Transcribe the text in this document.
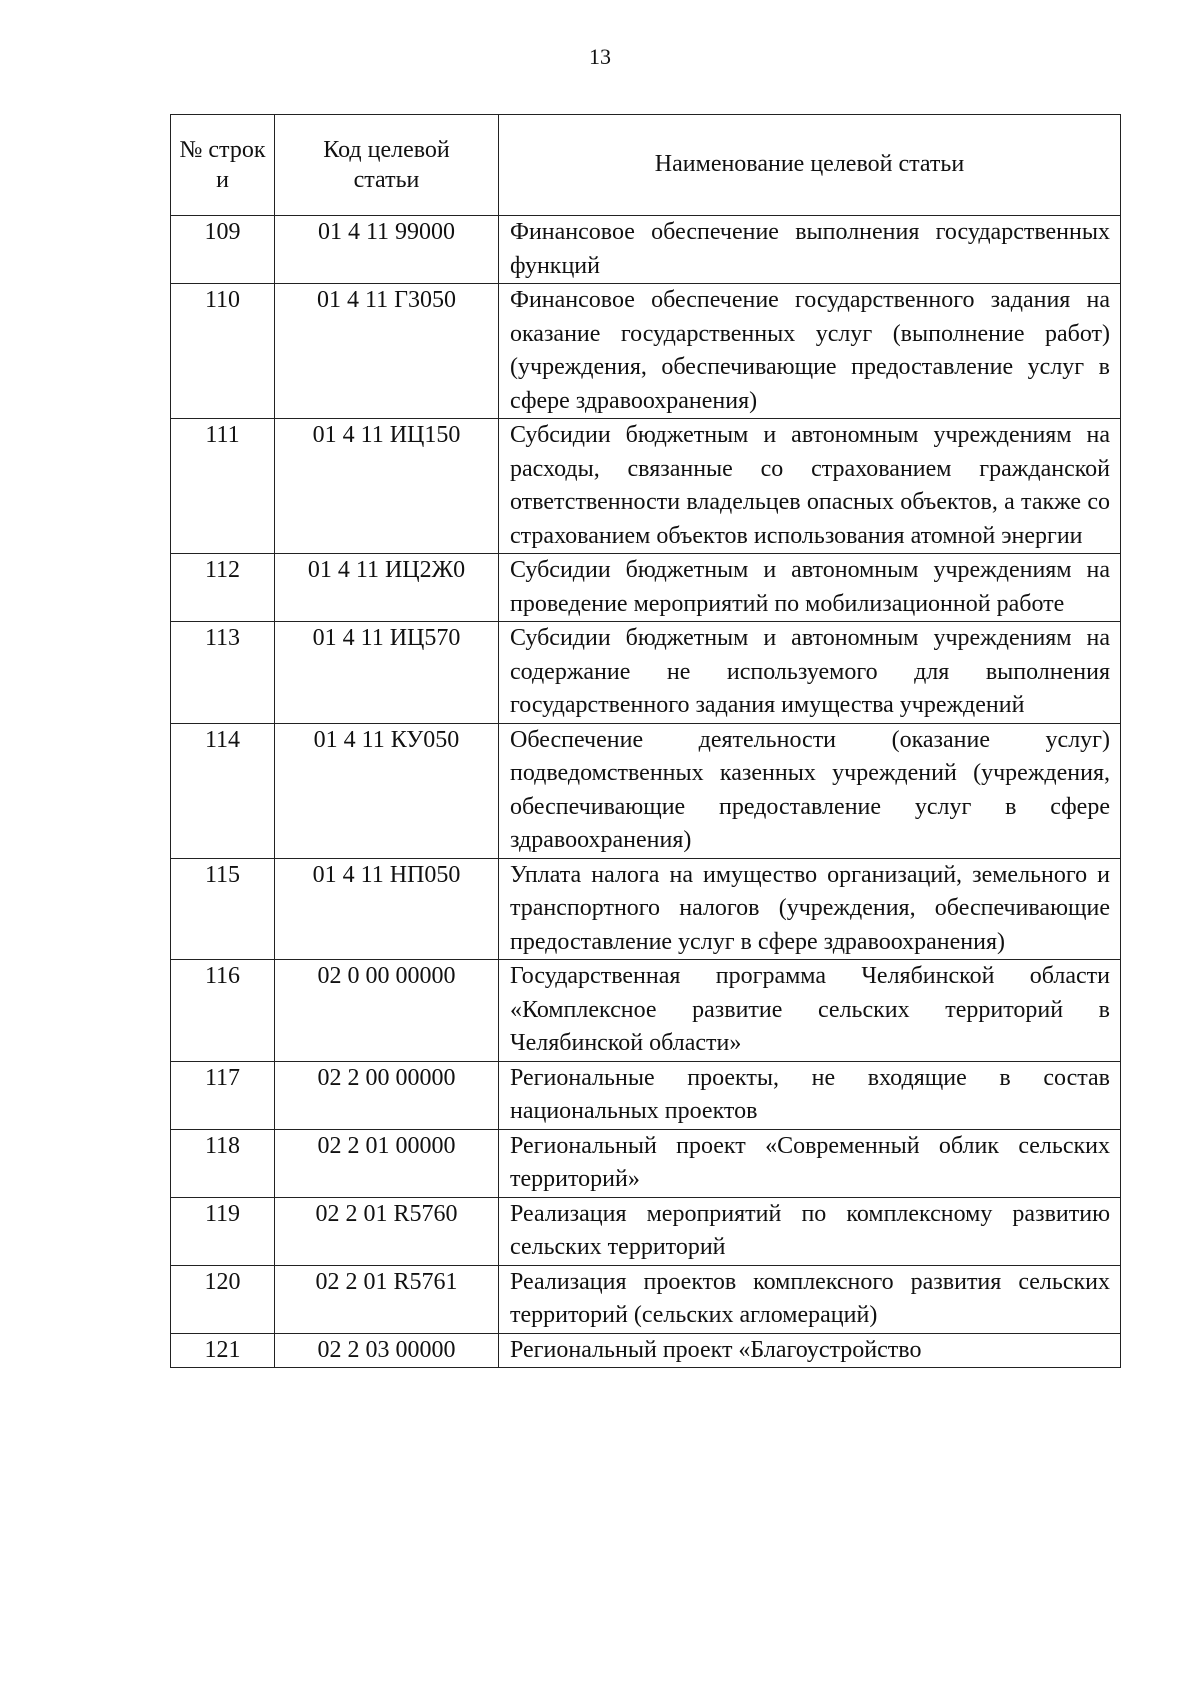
13
№ строк и	Код целевой статьи	Наименование целевой статьи
109	01 4 11 99000	Финансовое обеспечение выполнения государственных функций
110	01 4 11 Г3050	Финансовое обеспечение государственного задания на оказание государственных услуг (выполнение работ) (учреждения, обеспечивающие предоставление услуг в сфере здравоохранения)
111	01 4 11 ИЦ150	Субсидии бюджетным и автономным учреждениям на расходы, связанные со страхованием гражданской ответственности владельцев опасных объектов, а также со страхованием объектов использования атомной энергии
112	01 4 11 ИЦ2Ж0	Субсидии бюджетным и автономным учреждениям на проведение мероприятий по мобилизационной работе
113	01 4 11 ИЦ570	Субсидии бюджетным и автономным учреждениям на содержание не используемого для выполнения государственного задания имущества учреждений
114	01 4 11 КУ050	Обеспечение деятельности (оказание услуг) подведомственных казенных учреждений (учреждения, обеспечивающие предоставление услуг в сфере здравоохранения)
115	01 4 11 НП050	Уплата налога на имущество организаций, земельного и транспортного налогов (учреждения, обеспечивающие предоставление услуг в сфере здравоохранения)
116	02 0 00 00000	Государственная программа Челябинской области «Комплексное развитие сельских территорий в Челябинской области»
117	02 2 00 00000	Региональные проекты, не входящие в состав национальных проектов
118	02 2 01 00000	Региональный проект «Современный облик сельских территорий»
119	02 2 01 R5760	Реализация мероприятий по комплексному развитию сельских территорий
120	02 2 01 R5761	Реализация проектов комплексного развития сельских территорий (сельских агломераций)
121	02 2 03 00000	Региональный проект «Благоустройство
